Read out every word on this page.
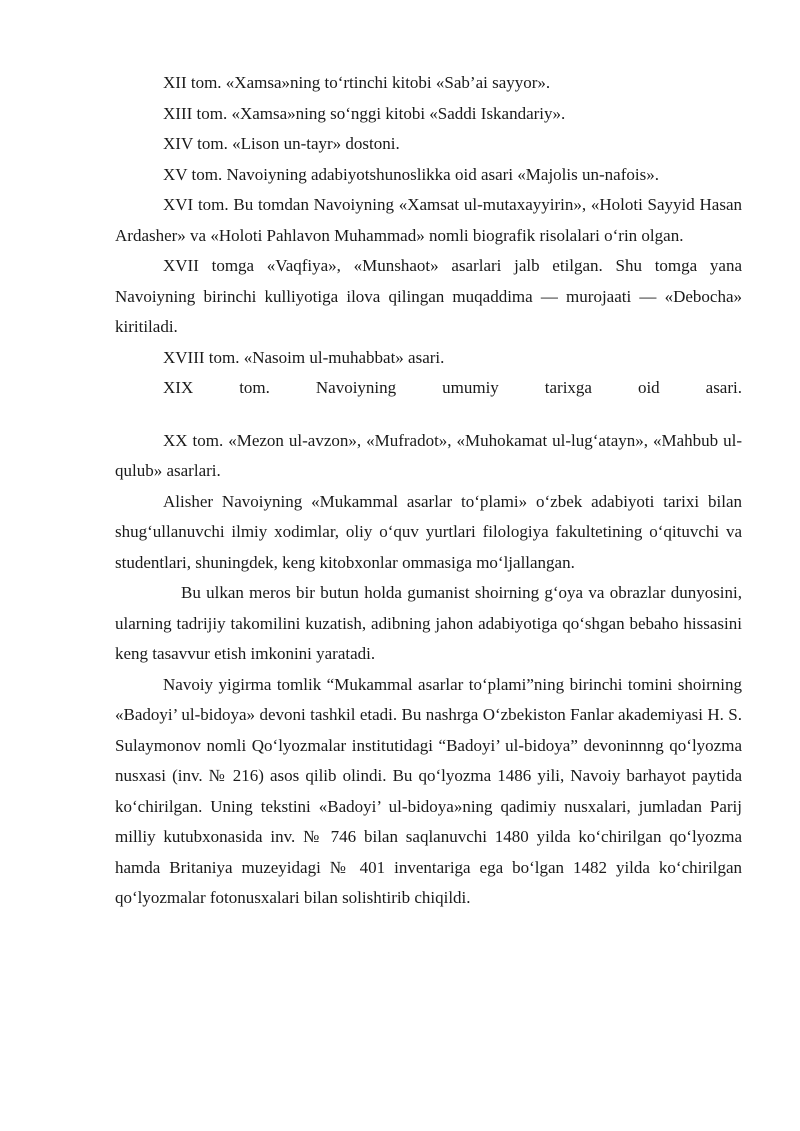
XII tom. «Xamsa»ning to‘rtinchi kitobi «Sab’ai sayyor».

XIII tom. «Xamsa»ning so‘nggi kitobi «Saddi Iskandariy».

XIV tom. «Lison un-tayr» dostoni.

XV tom. Navoiyning adabiyotshunoslikka oid asari «Majolis un-nafois».

XVI tom. Bu tomdan Navoiyning «Xamsat ul-mutaxayyirin», «Holoti Sayyid Hasan Ardasher» va «Holoti Pahlavon Muhammad» nomli biografik risolalari o‘rin olgan.

XVII tomga «Vaqfiya», «Munshaot» asarlari jalb etilgan. Shu tomga yana Navoiyning birinchi kulliyotiga ilova qilingan muqaddima — murojaati — «Debocha» kiritiladi.

XVIII tom. «Nasoim ul-muhabbat» asari.

XIX tom. Navoiyning umumiy tarixga oid asari.

XX tom. «Mezon ul-avzon», «Mufradot», «Muhokamat ul-lug‘atayn», «Mahbub ul-qulub» asarlari.

Alisher Navoiyning «Mukammal asarlar to‘plami» o‘zbek adabiyoti tarixi bilan shug‘ullanuvchi ilmiy xodimlar, oliy o‘quv yurtlari filologiya fakultetining o‘qituvchi va studentlari, shuningdek, keng kitobxonlar ommasiga mo‘ljallangan.

Bu ulkan meros bir butun holda gumanist shoirning g‘oya va obrazlar dunyosini, ularning tadrijiy takomilini kuzatish, adibning jahon adabiyotiga qo‘shgan bebaho hissasini keng tasavvur etish imkonini yaratadi.

Navoiy yigirma tomlik “Mukammal asarlar to‘plami”ning birinchi tomini shoirning «Badoyi’ ul-bidoya» devoni tashkil etadi. Bu nashrga O‘zbekiston Fanlar akademiyasi H. S. Sulaymonov nomli Qo‘lyozmalar institutidagi “Badoyi’ ul-bidoya” devoninnng qo‘lyozma nusxasi (inv. № 216) asos qilib olindi. Bu qo‘lyozma 1486 yili, Navoiy barhayot paytida ko‘chirilgan. Uning tekstini «Badoyi’ ul-bidoya»ning qadimiy nusxalari, jumladan Parij milliy kutubxonasida inv. № 746 bilan saqlanuvchi 1480 yilda ko‘chirilgan qo‘lyozma hamda Britaniya muzeyidagi № 401 inventariga ega bo‘lgan 1482 yilda ko‘chirilgan qo‘lyozmalar fotonusxalari bilan solishtirib chiqildi.
